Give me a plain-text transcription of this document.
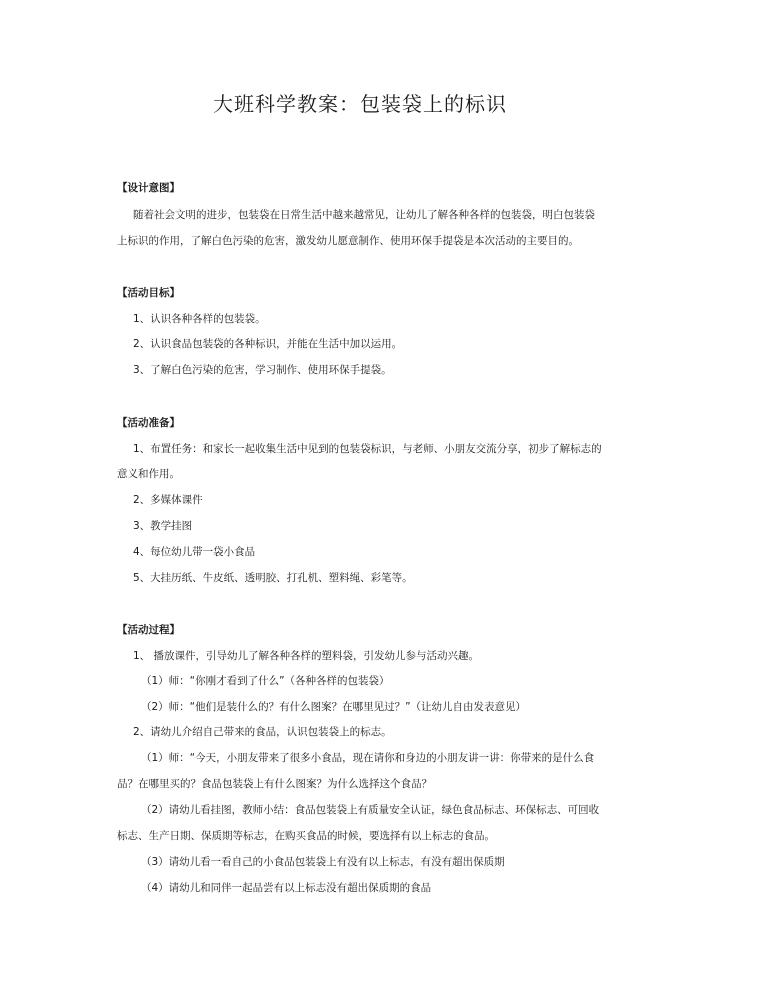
大班科学教案：包装袋上的标识
【设计意图】
随着社会文明的进步，包装袋在日常生活中越来越常见，让幼儿了解各种各样的包装袋，明白包装袋
上标识的作用，了解白色污染的危害，激发幼儿愿意制作、使用环保手提袋是本次活动的主要目的。
【活动目标】
1、认识各种各样的包装袋。
2、认识食品包装袋的各种标识，并能在生活中加以运用。
3、了解白色污染的危害，学习制作、使用环保手提袋。
【活动准备】
1、布置任务：和家长一起收集生活中见到的包装袋标识，与老师、小朋友交流分享，初步了解标志的
意义和作用。
2、多媒体课件
3、教学挂图
4、每位幼儿带一袋小食品
5、大挂历纸、牛皮纸、透明胶、打孔机、塑料绳、彩笔等。
【活动过程】
1、 播放课件，引导幼儿了解各种各样的塑料袋，引发幼儿参与活动兴趣。
（1）师：“你刚才看到了什么”（各种各样的包装袋）
（2）师：“他们是装什么的？有什么图案？在哪里见过？”（让幼儿自由发表意见）
2、请幼儿介绍自己带来的食品，认识包装袋上的标志。
（1）师：“今天，小朋友带来了很多小食品，现在请你和身边的小朋友讲一讲：你带来的是什么食
品？在哪里买的？食品包装袋上有什么图案？为什么选择这个食品？
（2）请幼儿看挂图，教师小结：食品包装袋上有质量安全认证，绿色食品标志、环保标志、可回收
标志、生产日期、保质期等标志，在购买食品的时候，要选择有以上标志的食品。
（3）请幼儿看一看自己的小食品包装袋上有没有以上标志，有没有超出保质期
（4）请幼儿和同伴一起品尝有以上标志没有超出保质期的食品
